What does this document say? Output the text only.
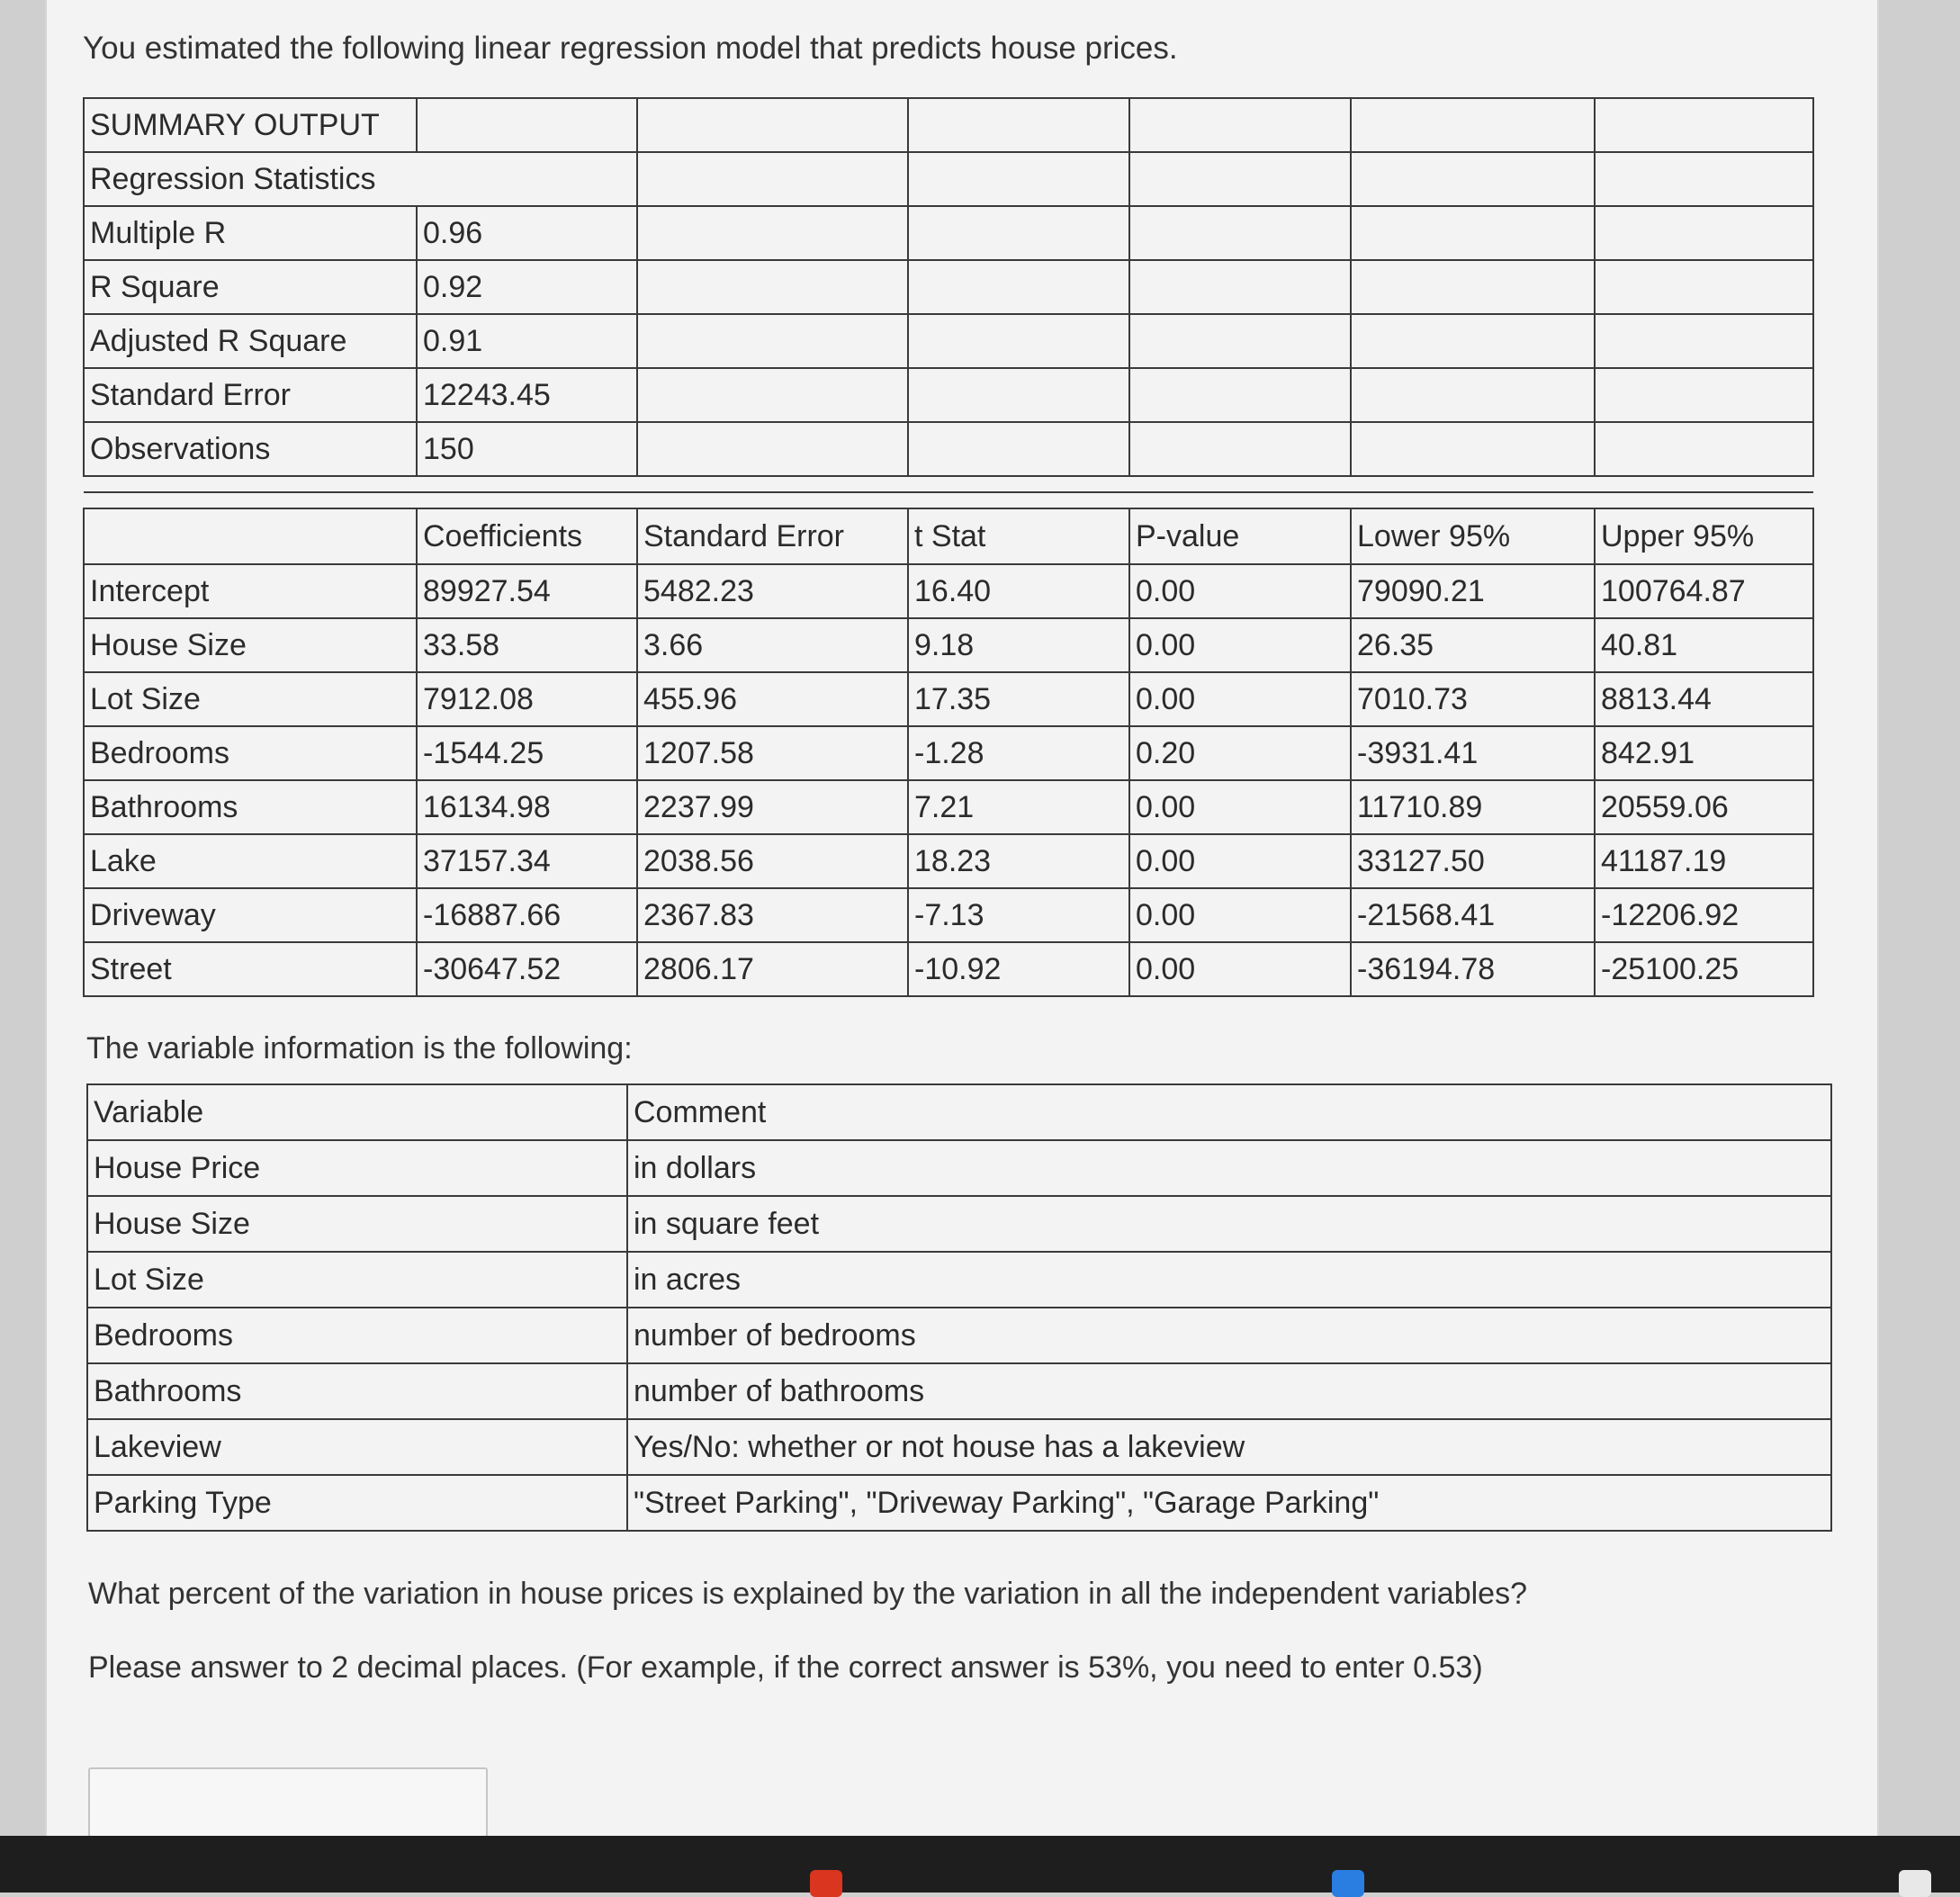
You estimated the following linear regression model that predicts house prices.
SUMMARY OUTPUT						
Regression Statistics						
Multiple R	0.96					
R Square	0.92					
Adjusted R Square	0.91					
Standard Error	12243.45					
Observations	150					

	Coefficients	Standard Error	t Stat	P-value	Lower 95%	Upper 95%
Intercept	89927.54	5482.23	16.40	0.00	79090.21	100764.87
House Size	33.58	3.66	9.18	0.00	26.35	40.81
Lot Size	7912.08	455.96	17.35	0.00	7010.73	8813.44
Bedrooms	-1544.25	1207.58	-1.28	0.20	-3931.41	842.91
Bathrooms	16134.98	2237.99	7.21	0.00	11710.89	20559.06
Lake	37157.34	2038.56	18.23	0.00	33127.50	41187.19
Driveway	-16887.66	2367.83	-7.13	0.00	-21568.41	-12206.92
Street	-30647.52	2806.17	-10.92	0.00	-36194.78	-25100.25
The variable information is the following:
Variable	Comment
House Price	in dollars
House Size	in square feet
Lot Size	in acres
Bedrooms	number of bedrooms
Bathrooms	number of bathrooms
Lakeview	Yes/No: whether or not house has a lakeview
Parking Type	"Street Parking", "Driveway Parking", "Garage Parking"
What percent of the variation in house prices is explained by the variation in all the independent variables?
Please answer to 2 decimal places. (For example, if the correct answer is 53%, you need to enter 0.53)
